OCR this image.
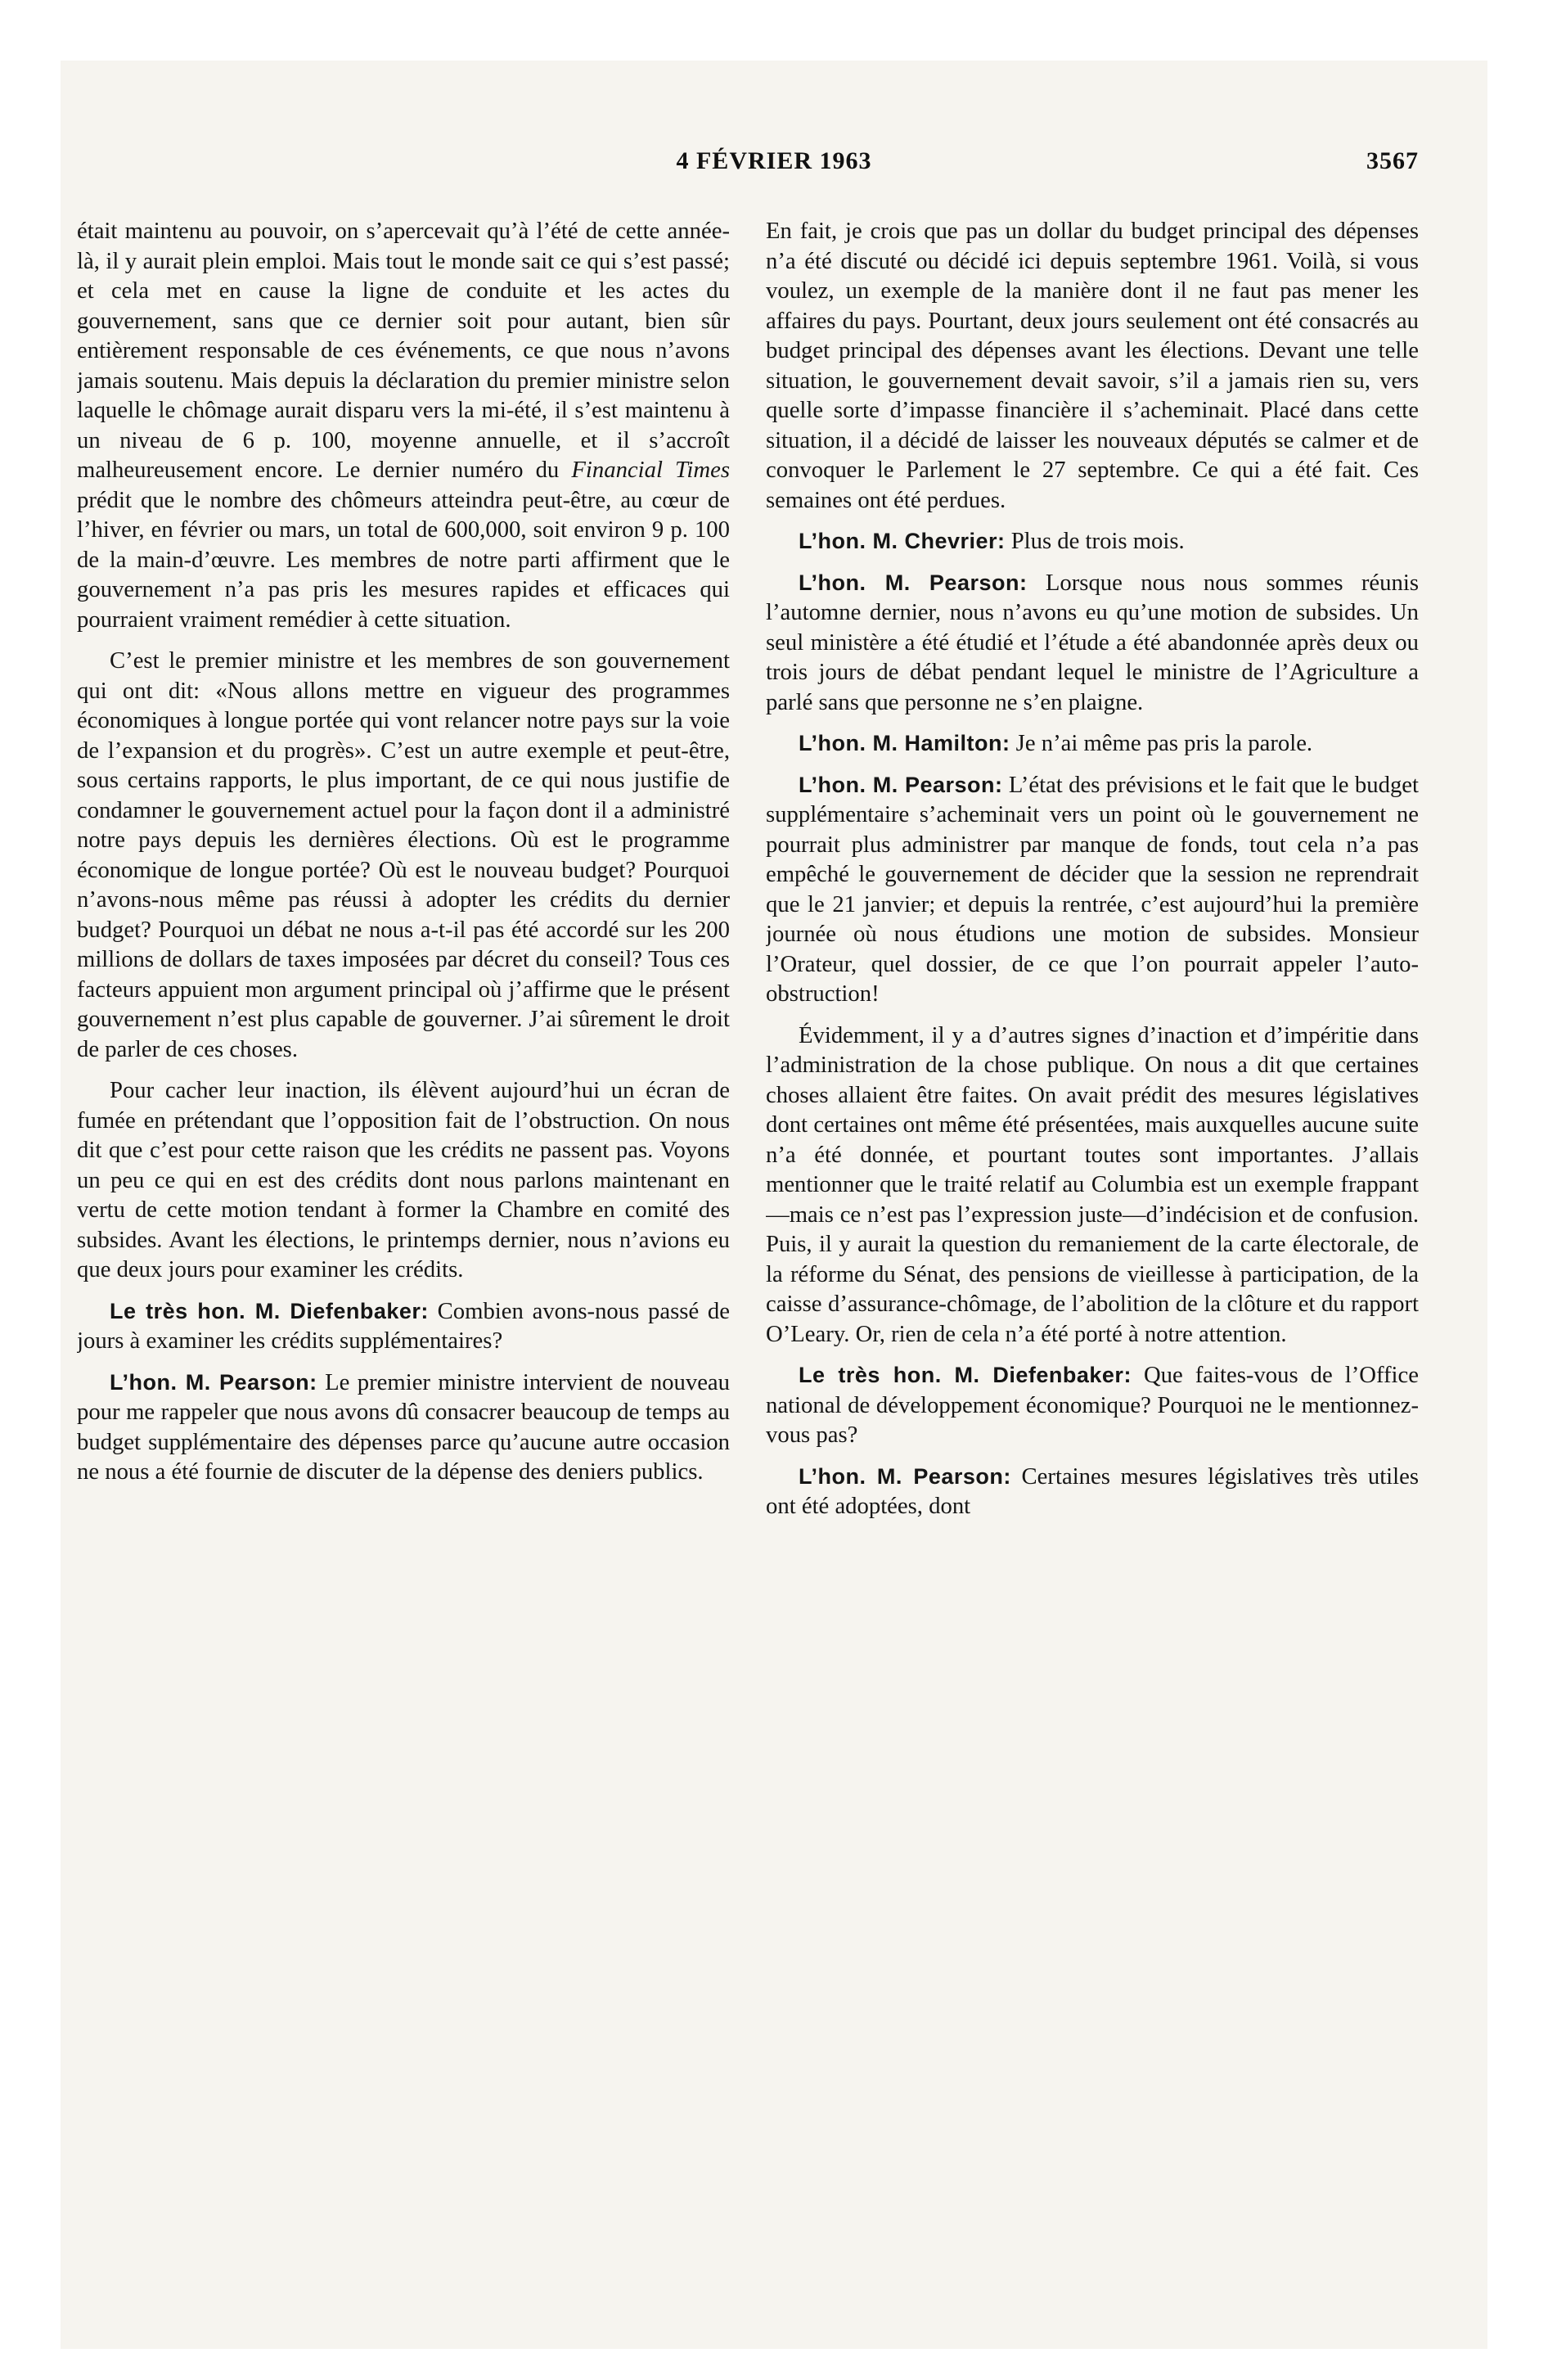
4 FÉVRIER 1963	3567

était maintenu au pouvoir, on s’apercevait qu’à l’été de cette année-là, il y aurait plein emploi. Mais tout le monde sait ce qui s’est passé; et cela met en cause la ligne de conduite et les actes du gouvernement, sans que ce dernier soit pour autant, bien sûr entièrement responsable de ces événements, ce que nous n’avons jamais soutenu. Mais depuis la déclaration du premier ministre selon laquelle le chômage aurait disparu vers la mi-été, il s’est maintenu à un niveau de 6 p. 100, moyenne annuelle, et il s’accroît malheureusement encore. Le dernier numéro du Financial Times prédit que le nombre des chômeurs atteindra peut-être, au cœur de l’hiver, en février ou mars, un total de 600,000, soit environ 9 p. 100 de la main-d’œuvre. Les membres de notre parti affirment que le gouvernement n’a pas pris les mesures rapides et efficaces qui pourraient vraiment remédier à cette situation.

C’est le premier ministre et les membres de son gouvernement qui ont dit: «Nous allons mettre en vigueur des programmes économiques à longue portée qui vont relancer notre pays sur la voie de l’expansion et du progrès». C’est un autre exemple et peut-être, sous certains rapports, le plus important, de ce qui nous justifie de condamner le gouvernement actuel pour la façon dont il a administré notre pays depuis les dernières élections. Où est le programme économique de longue portée? Où est le nouveau budget? Pourquoi n’avons-nous même pas réussi à adopter les crédits du dernier budget? Pourquoi un débat ne nous a-t-il pas été accordé sur les 200 millions de dollars de taxes imposées par décret du conseil? Tous ces facteurs appuient mon argument principal où j’affirme que le présent gouvernement n’est plus capable de gouverner. J’ai sûrement le droit de parler de ces choses.

Pour cacher leur inaction, ils élèvent aujourd’hui un écran de fumée en prétendant que l’opposition fait de l’obstruction. On nous dit que c’est pour cette raison que les crédits ne passent pas. Voyons un peu ce qui en est des crédits dont nous parlons maintenant en vertu de cette motion tendant à former la Chambre en comité des subsides. Avant les élections, le printemps dernier, nous n’avions eu que deux jours pour examiner les crédits.

Le très hon. M. Diefenbaker: Combien avons-nous passé de jours à examiner les crédits supplémentaires?

L’hon. M. Pearson: Le premier ministre intervient de nouveau pour me rappeler que nous avons dû consacrer beaucoup de temps au budget supplémentaire des dépenses parce qu’aucune autre occasion ne nous a été fournie de discuter de la dépense des deniers publics.

En fait, je crois que pas un dollar du budget principal des dépenses n’a été discuté ou décidé ici depuis septembre 1961. Voilà, si vous voulez, un exemple de la manière dont il ne faut pas mener les affaires du pays. Pourtant, deux jours seulement ont été consacrés au budget principal des dépenses avant les élections. Devant une telle situation, le gouvernement devait savoir, s’il a jamais rien su, vers quelle sorte d’impasse financière il s’acheminait. Placé dans cette situation, il a décidé de laisser les nouveaux députés se calmer et de convoquer le Parlement le 27 septembre. Ce qui a été fait. Ces semaines ont été perdues.

L’hon. M. Chevrier: Plus de trois mois.

L’hon. M. Pearson: Lorsque nous nous sommes réunis l’automne dernier, nous n’avons eu qu’une motion de subsides. Un seul ministère a été étudié et l’étude a été abandonnée après deux ou trois jours de débat pendant lequel le ministre de l’Agriculture a parlé sans que personne ne s’en plaigne.

L’hon. M. Hamilton: Je n’ai même pas pris la parole.

L’hon. M. Pearson: L’état des prévisions et le fait que le budget supplémentaire s’acheminait vers un point où le gouvernement ne pourrait plus administrer par manque de fonds, tout cela n’a pas empêché le gouvernement de décider que la session ne reprendrait que le 21 janvier; et depuis la rentrée, c’est aujourd’hui la première journée où nous étudions une motion de subsides. Monsieur l’Orateur, quel dossier, de ce que l’on pourrait appeler l’auto-obstruction!

Évidemment, il y a d’autres signes d’inaction et d’impéritie dans l’administration de la chose publique. On nous a dit que certaines choses allaient être faites. On avait prédit des mesures législatives dont certaines ont même été présentées, mais auxquelles aucune suite n’a été donnée, et pourtant toutes sont importantes. J’allais mentionner que le traité relatif au Columbia est un exemple frappant —mais ce n’est pas l’expression juste—d’indécision et de confusion. Puis, il y aurait la question du remaniement de la carte électorale, de la réforme du Sénat, des pensions de vieillesse à participation, de la caisse d’assurance-chômage, de l’abolition de la clôture et du rapport O’Leary. Or, rien de cela n’a été porté à notre attention.

Le très hon. M. Diefenbaker: Que faites-vous de l’Office national de développement économique? Pourquoi ne le mentionnez-vous pas?

L’hon. M. Pearson: Certaines mesures législatives très utiles ont été adoptées, dont
